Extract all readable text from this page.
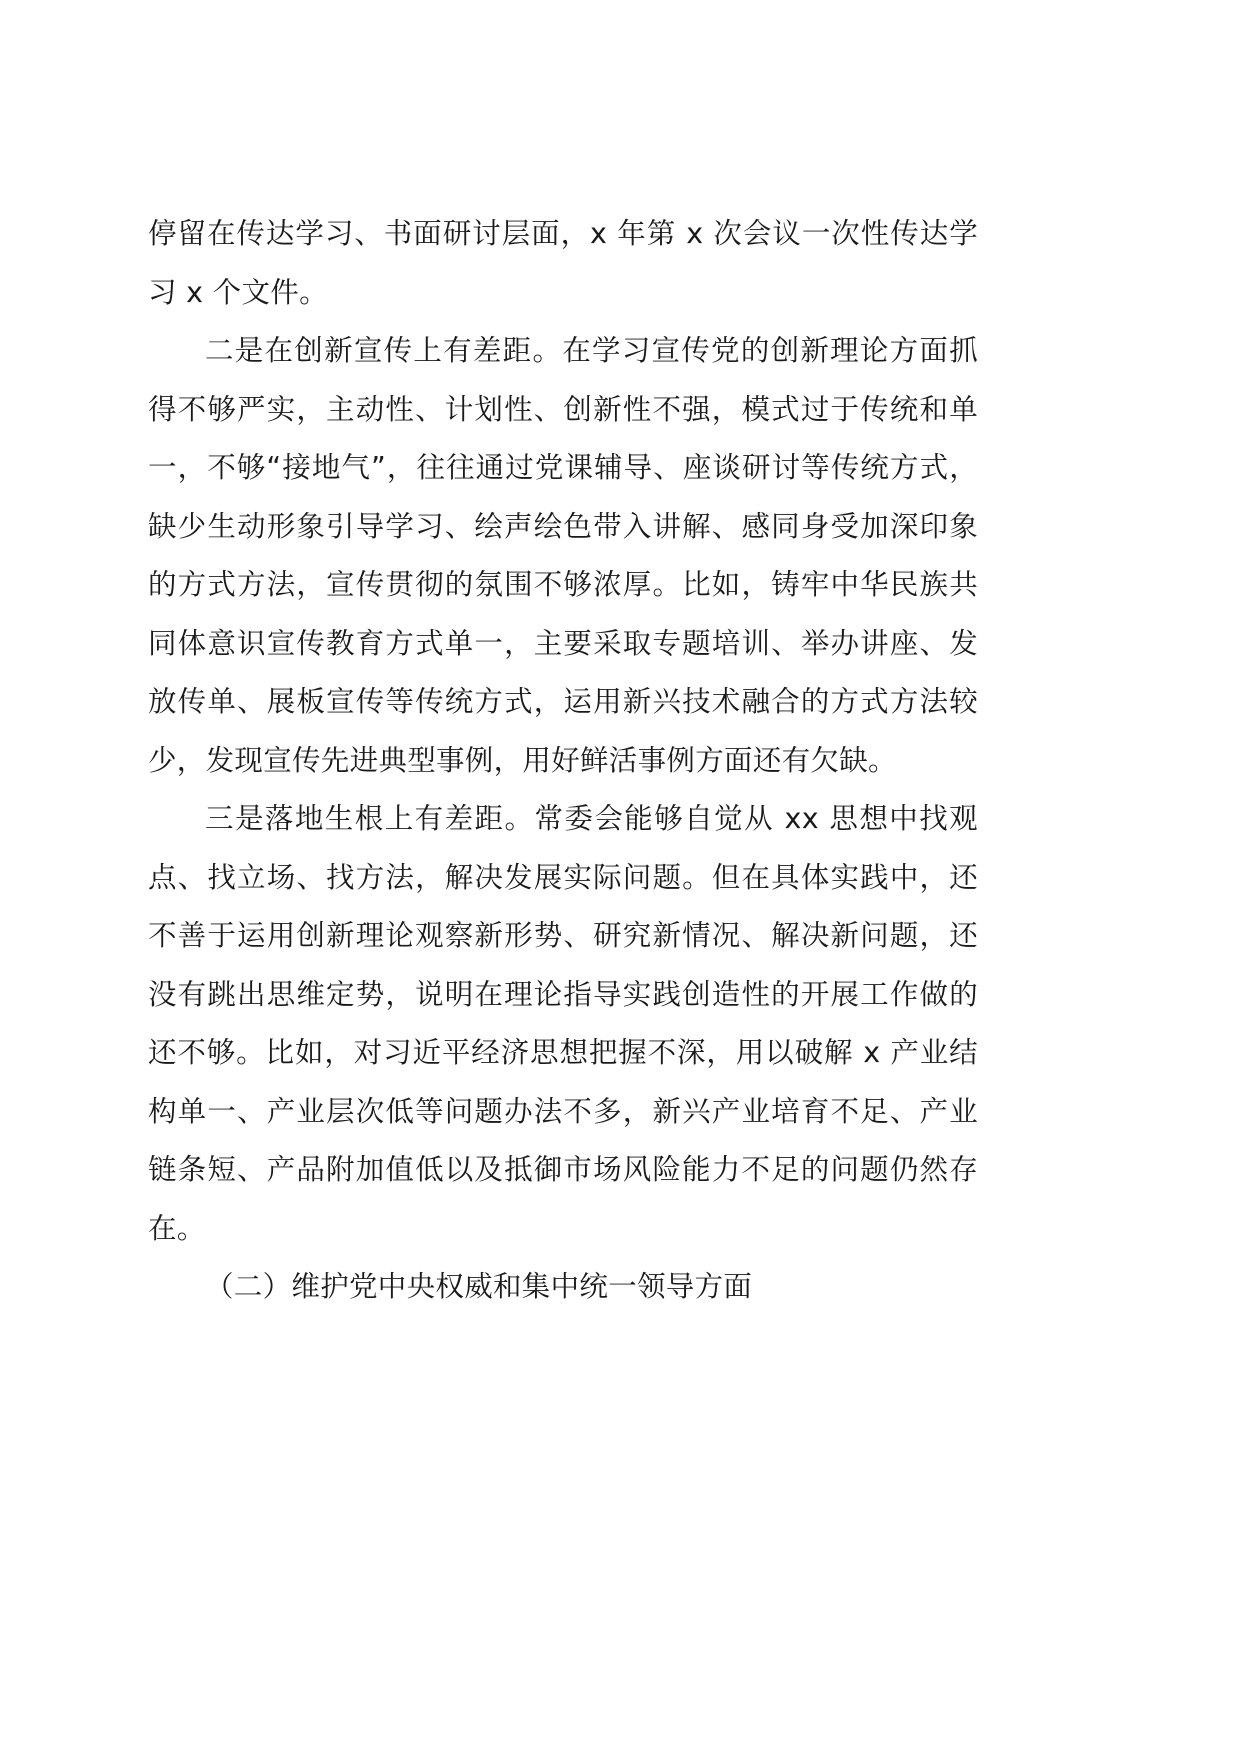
停留在传达学习、书面研讨层面，x 年第 x 次会议一次性传达学习 x 个文件。

二是在创新宣传上有差距。在学习宣传党的创新理论方面抓得不够严实，主动性、计划性、创新性不强，模式过于传统和单一，不够“接地气”，往往通过党课辅导、座谈研讨等传统方式，缺少生动形象引导学习、绘声绘色带入讲解、感同身受加深印象的方式方法，宣传贯彻的氛围不够浓厚。比如，铸牢中华民族共同体意识宣传教育方式单一，主要采取专题培训、举办讲座、发放传单、展板宣传等传统方式，运用新兴技术融合的方式方法较少，发现宣传先进典型事例，用好鲜活事例方面还有欠缺。

三是落地生根上有差距。常委会能够自觉从 xx 思想中找观点、找立场、找方法，解决发展实际问题。但在具体实践中，还不善于运用创新理论观察新形势、研究新情况、解决新问题，还没有跳出思维定势，说明在理论指导实践创造性的开展工作做的还不够。比如，对习近平经济思想把握不深，用以破解 x 产业结构单一、产业层次低等问题办法不多，新兴产业培育不足、产业链条短、产品附加值低以及抵御市场风险能力不足的问题仍然存在。

（二）维护党中央权威和集中统一领导方面
